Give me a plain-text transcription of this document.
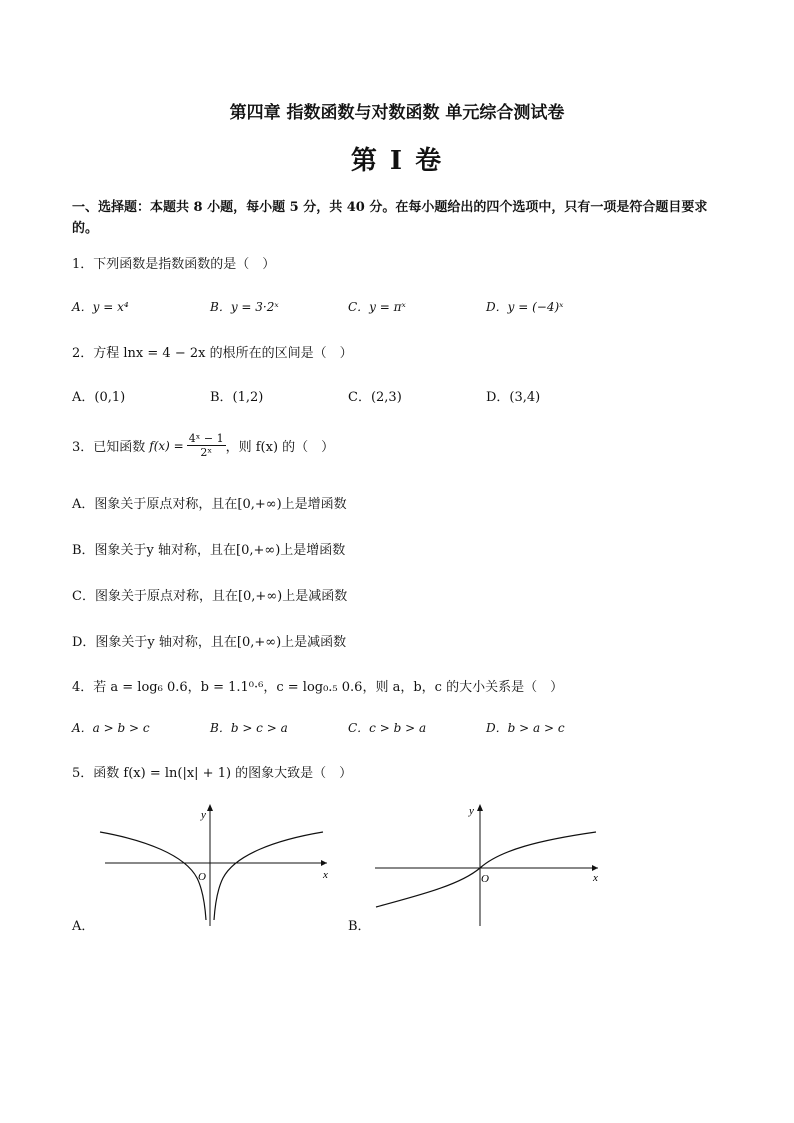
第四章 指数函数与对数函数 单元综合测试卷
第 I 卷
一、选择题：本题共 8 小题，每小题 5 分，共 40 分。在每小题给出的四个选项中，只有一项是符合题目要求的。
1．下列函数是指数函数的是（　）
A．y = x⁴	B．y = 3·2ˣ	C．y = πˣ	D．y = (−4)ˣ
2．方程 lnx = 4 − 2x 的根所在的区间是（　）
A．(0,1)	B．(1,2)	C．(2,3)	D．(3,4)
3．已知函数 $f(x) = \frac{\text{4ˣ − 1}}{\text{2ˣ}}$ ，则 f(x) 的（　）
A．图象关于原点对称，且在[0,+∞)上是增函数
B．图象关于y 轴对称，且在[0,+∞)上是增函数
C．图象关于原点对称，且在[0,+∞)上是减函数
D．图象关于y 轴对称，且在[0,+∞)上是减函数
4．若 a = log₆ 0.6，b = 1.1⁰·⁶，c = log₀.₅ 0.6，则 a，b，c 的大小关系是（　）
A．a > b > c	B．b > c > a	C．c > b > a	D．b > a > c
5．函数 f(x) = ln(|x| + 1) 的图象大致是（　）
y
x
O
A．
y
x
O
B．
